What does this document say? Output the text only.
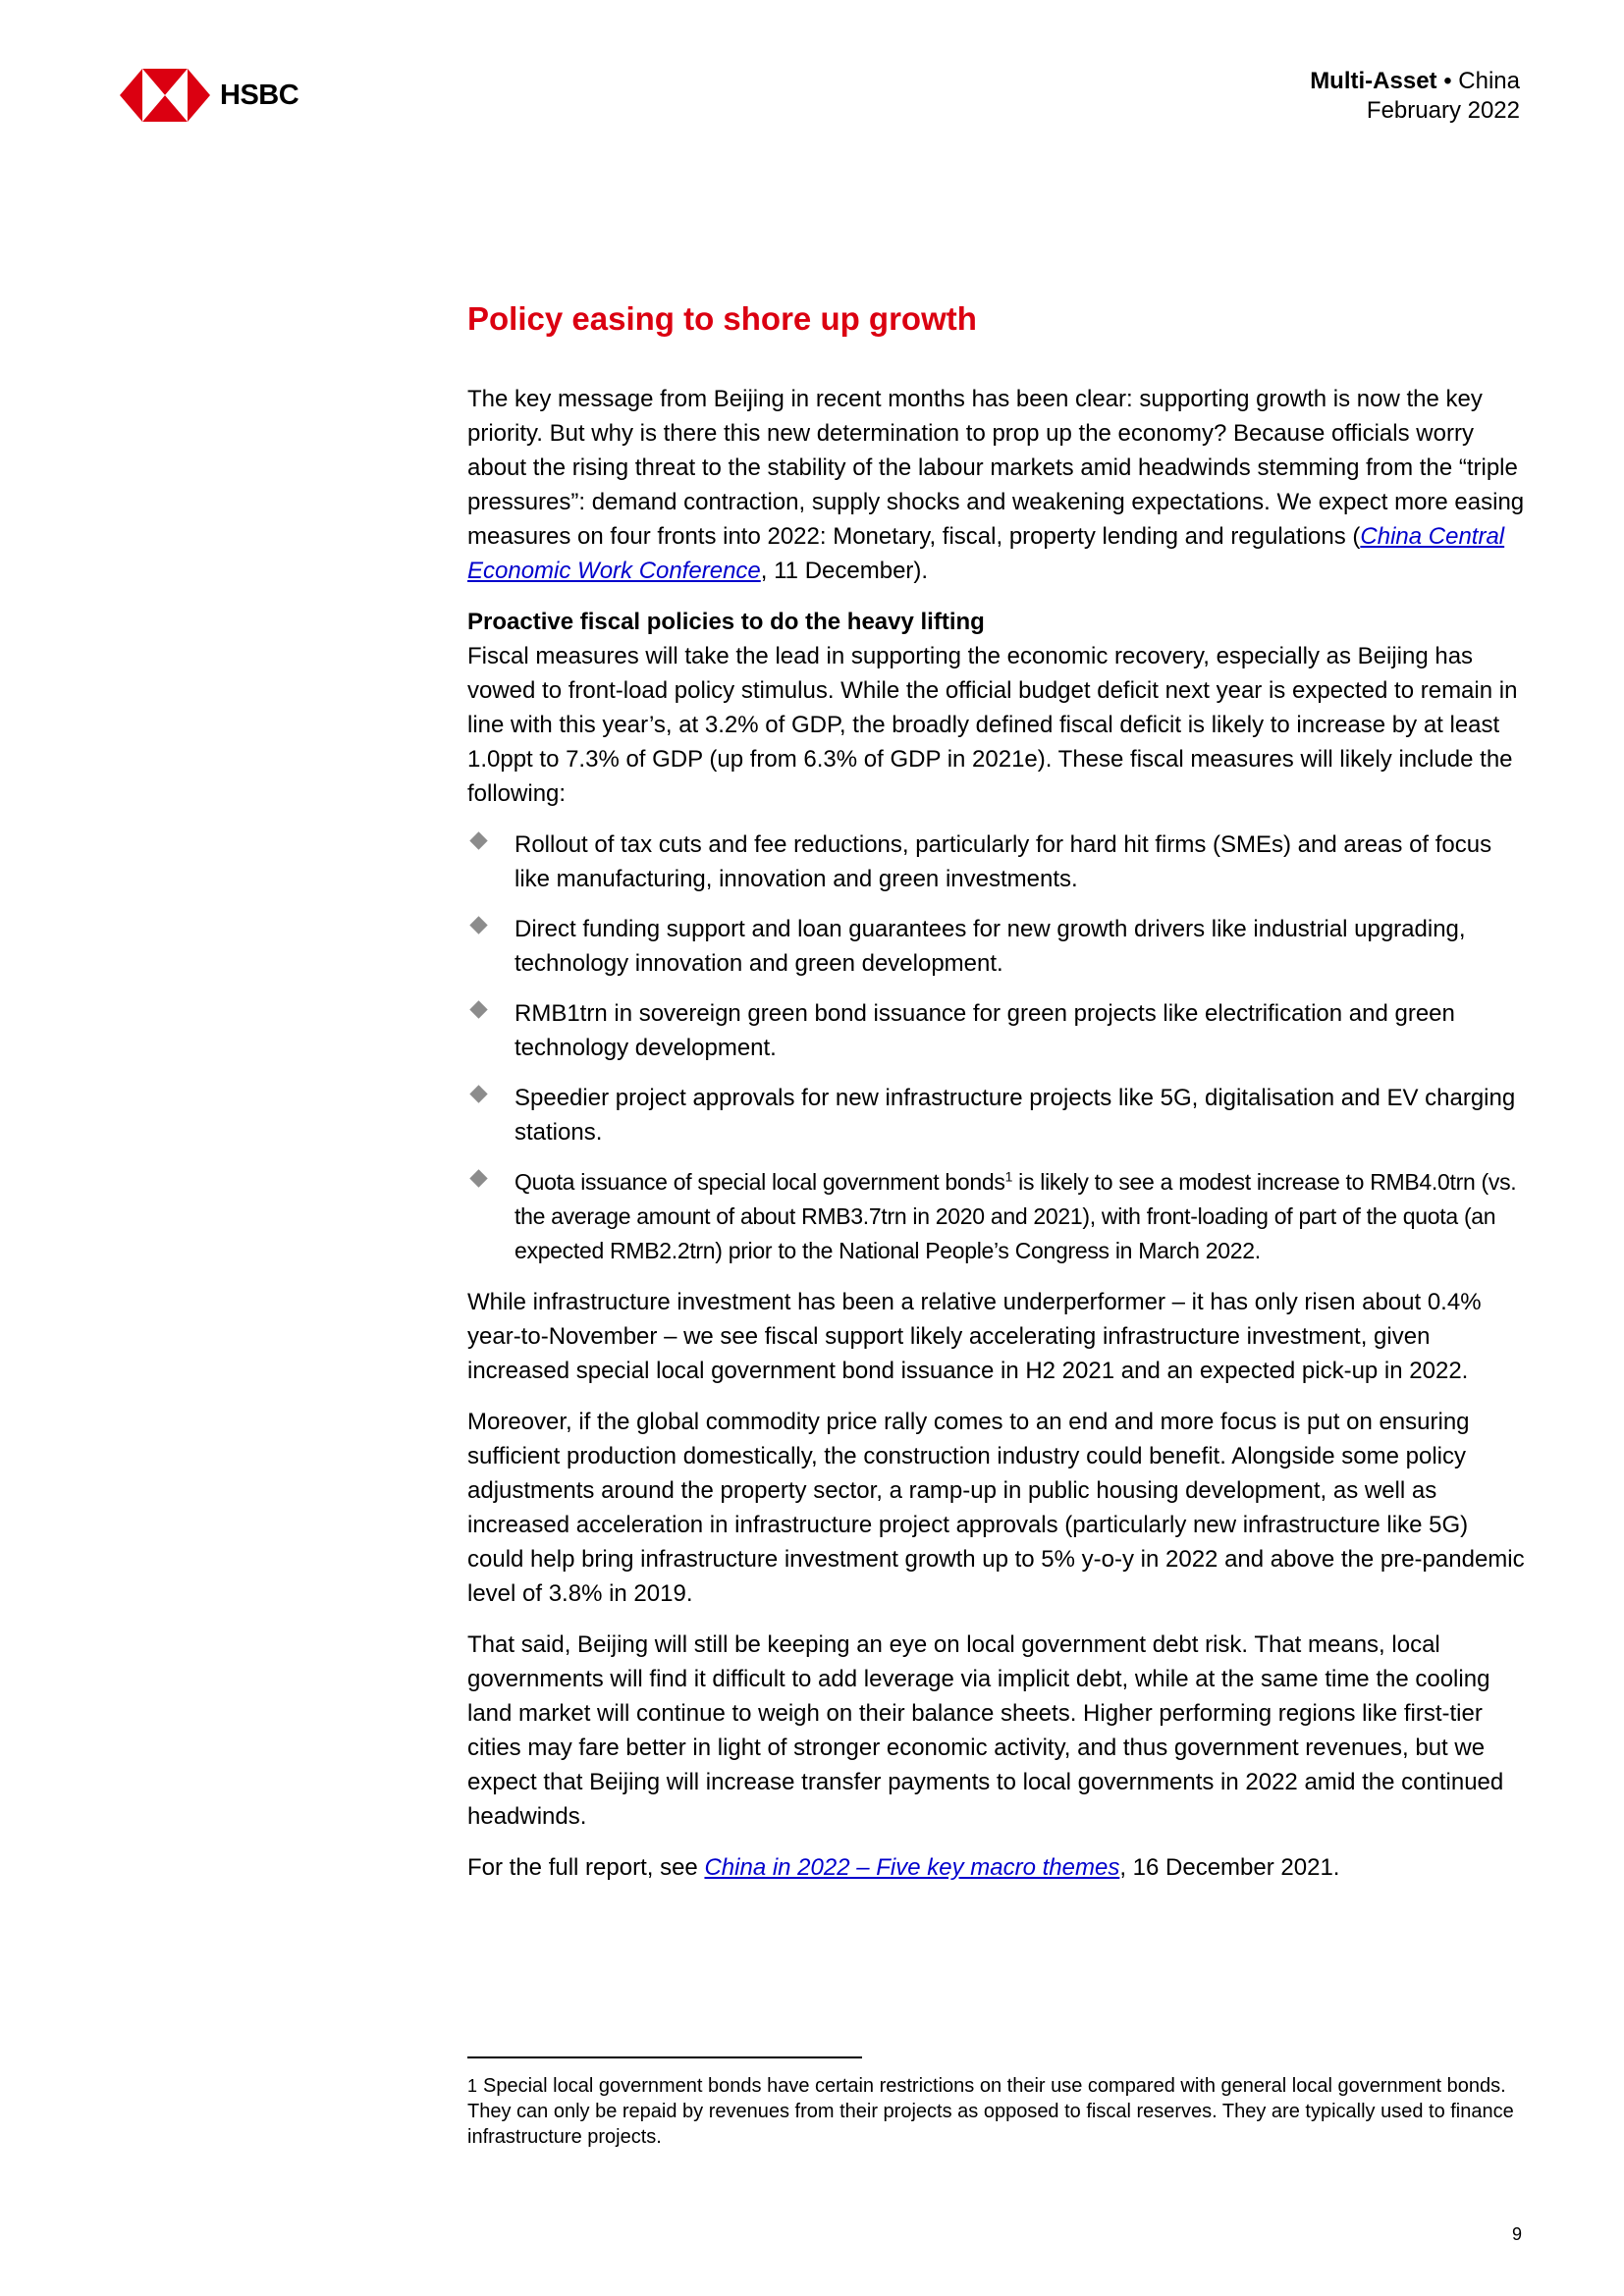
HSBC	Multi-Asset • China
February 2022
Policy easing to shore up growth

The key message from Beijing in recent months has been clear: supporting growth is now the key priority. But why is there this new determination to prop up the economy? Because officials worry about the rising threat to the stability of the labour markets amid headwinds stemming from the “triple pressures”: demand contraction, supply shocks and weakening expectations. We expect more easing measures on four fronts into 2022: Monetary, fiscal, property lending and regulations (China Central Economic Work Conference, 11 December).

Proactive fiscal policies to do the heavy lifting

Fiscal measures will take the lead in supporting the economic recovery, especially as Beijing has vowed to front-load policy stimulus. While the official budget deficit next year is expected to remain in line with this year’s, at 3.2% of GDP, the broadly defined fiscal deficit is likely to increase by at least 1.0ppt to 7.3% of GDP (up from 6.3% of GDP in 2021e). These fiscal measures will likely include the following:

Rollout of tax cuts and fee reductions, particularly for hard hit firms (SMEs) and areas of focus like manufacturing, innovation and green investments.
Direct funding support and loan guarantees for new growth drivers like industrial upgrading, technology innovation and green development.
RMB1trn in sovereign green bond issuance for green projects like electrification and green technology development.
Speedier project approvals for new infrastructure projects like 5G, digitalisation and EV charging stations.
Quota issuance of special local government bonds$^1$ is likely to see a modest increase to RMB4.0trn (vs. the average amount of about RMB3.7trn in 2020 and 2021), with front-loading of part of the quota (an expected RMB2.2trn) prior to the National People’s Congress in March 2022.

While infrastructure investment has been a relative underperformer – it has only risen about 0.4% year-to-November – we see fiscal support likely accelerating infrastructure investment, given increased special local government bond issuance in H2 2021 and an expected pick-up in 2022.

Moreover, if the global commodity price rally comes to an end and more focus is put on ensuring sufficient production domestically, the construction industry could benefit. Alongside some policy adjustments around the property sector, a ramp-up in public housing development, as well as increased acceleration in infrastructure project approvals (particularly new infrastructure like 5G) could help bring infrastructure investment growth up to 5% y-o-y in 2022 and above the pre-pandemic level of 3.8% in 2019.

That said, Beijing will still be keeping an eye on local government debt risk. That means, local governments will find it difficult to add leverage via implicit debt, while at the same time the cooling land market will continue to weigh on their balance sheets. Higher performing regions like first-tier cities may fare better in light of stronger economic activity, and thus government revenues, but we expect that Beijing will increase transfer payments to local governments in 2022 amid the continued headwinds.

For the full report, see China in 2022 – Five key macro themes, 16 December 2021.

1 Special local government bonds have certain restrictions on their use compared with general local government bonds. They can only be repaid by revenues from their projects as opposed to fiscal reserves. They are typically used to finance infrastructure projects.
9
